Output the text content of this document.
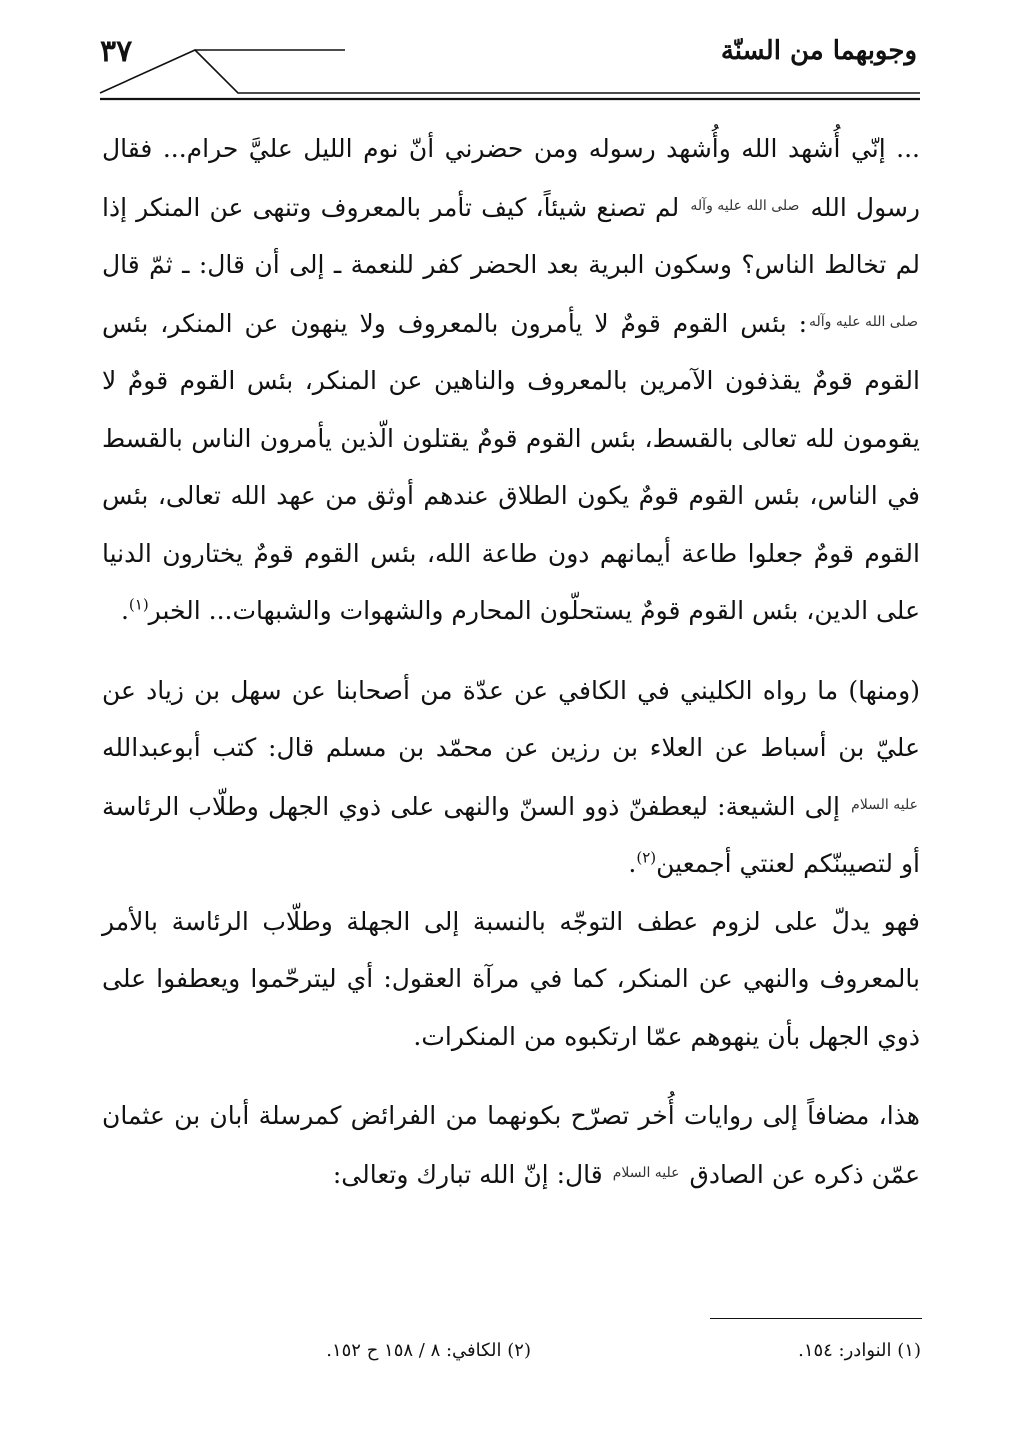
وجوبهما من السنّة
٣٧

... إنّي أُشهد الله وأُشهد رسوله ومن حضرني أنّ نوم الليل عليَّ حرام... فقال رسول الله صلى الله عليه وآله لم تصنع شيئاً، كيف تأمر بالمعروف وتنهى عن المنكر إذا لم تخالط الناس؟ وسكون البرية بعد الحضر كفر للنعمة ـ إلى أن قال: ـ ثمّ قال صلى الله عليه وآله: بئس القوم قومٌ لا يأمرون بالمعروف ولا ينهون عن المنكر، بئس القوم قومٌ يقذفون الآمرين بالمعروف والناهين عن المنكر، بئس القوم قومٌ لا يقومون لله تعالى بالقسط، بئس القوم قومٌ يقتلون الّذين يأمرون الناس بالقسط في الناس، بئس القوم قومٌ يكون الطلاق عندهم أوثق من عهد الله تعالى، بئس القوم قومٌ جعلوا طاعة أيمانهم دون طاعة الله، بئس القوم قومٌ يختارون الدنيا على الدين، بئس القوم قومٌ يستحلّون المحارم والشهوات والشبهات... الخبر$^{(١)}$.

(ومنها) ما رواه الكليني في الكافي عن عدّة من أصحابنا عن سهل بن زياد عن عليّ بن أسباط عن العلاء بن رزين عن محمّد بن مسلم قال: كتب أبوعبدالله عليه السلام إلى الشيعة: ليعطفنّ ذوو السنّ والنهى على ذوي الجهل وطلّاب الرئاسة أو لتصيبنّكم لعنتي أجمعين$^{(٢)}$.

فهو يدلّ على لزوم عطف التوجّه بالنسبة إلى الجهلة وطلّاب الرئاسة بالأمر بالمعروف والنهي عن المنكر، كما في مرآة العقول: أي ليترحّموا ويعطفوا على ذوي الجهل بأن ينهوهم عمّا ارتكبوه من المنكرات.

هذا، مضافاً إلى روايات أُخر تصرّح بكونهما من الفرائض كمرسلة أبان بن عثمان عمّن ذكره عن الصادق عليه السلام قال: إنّ الله تبارك وتعالى:

(١) النوادر: ١٥٤.
(٢) الكافي: ٨ / ١٥٨ ح ١٥٢.
